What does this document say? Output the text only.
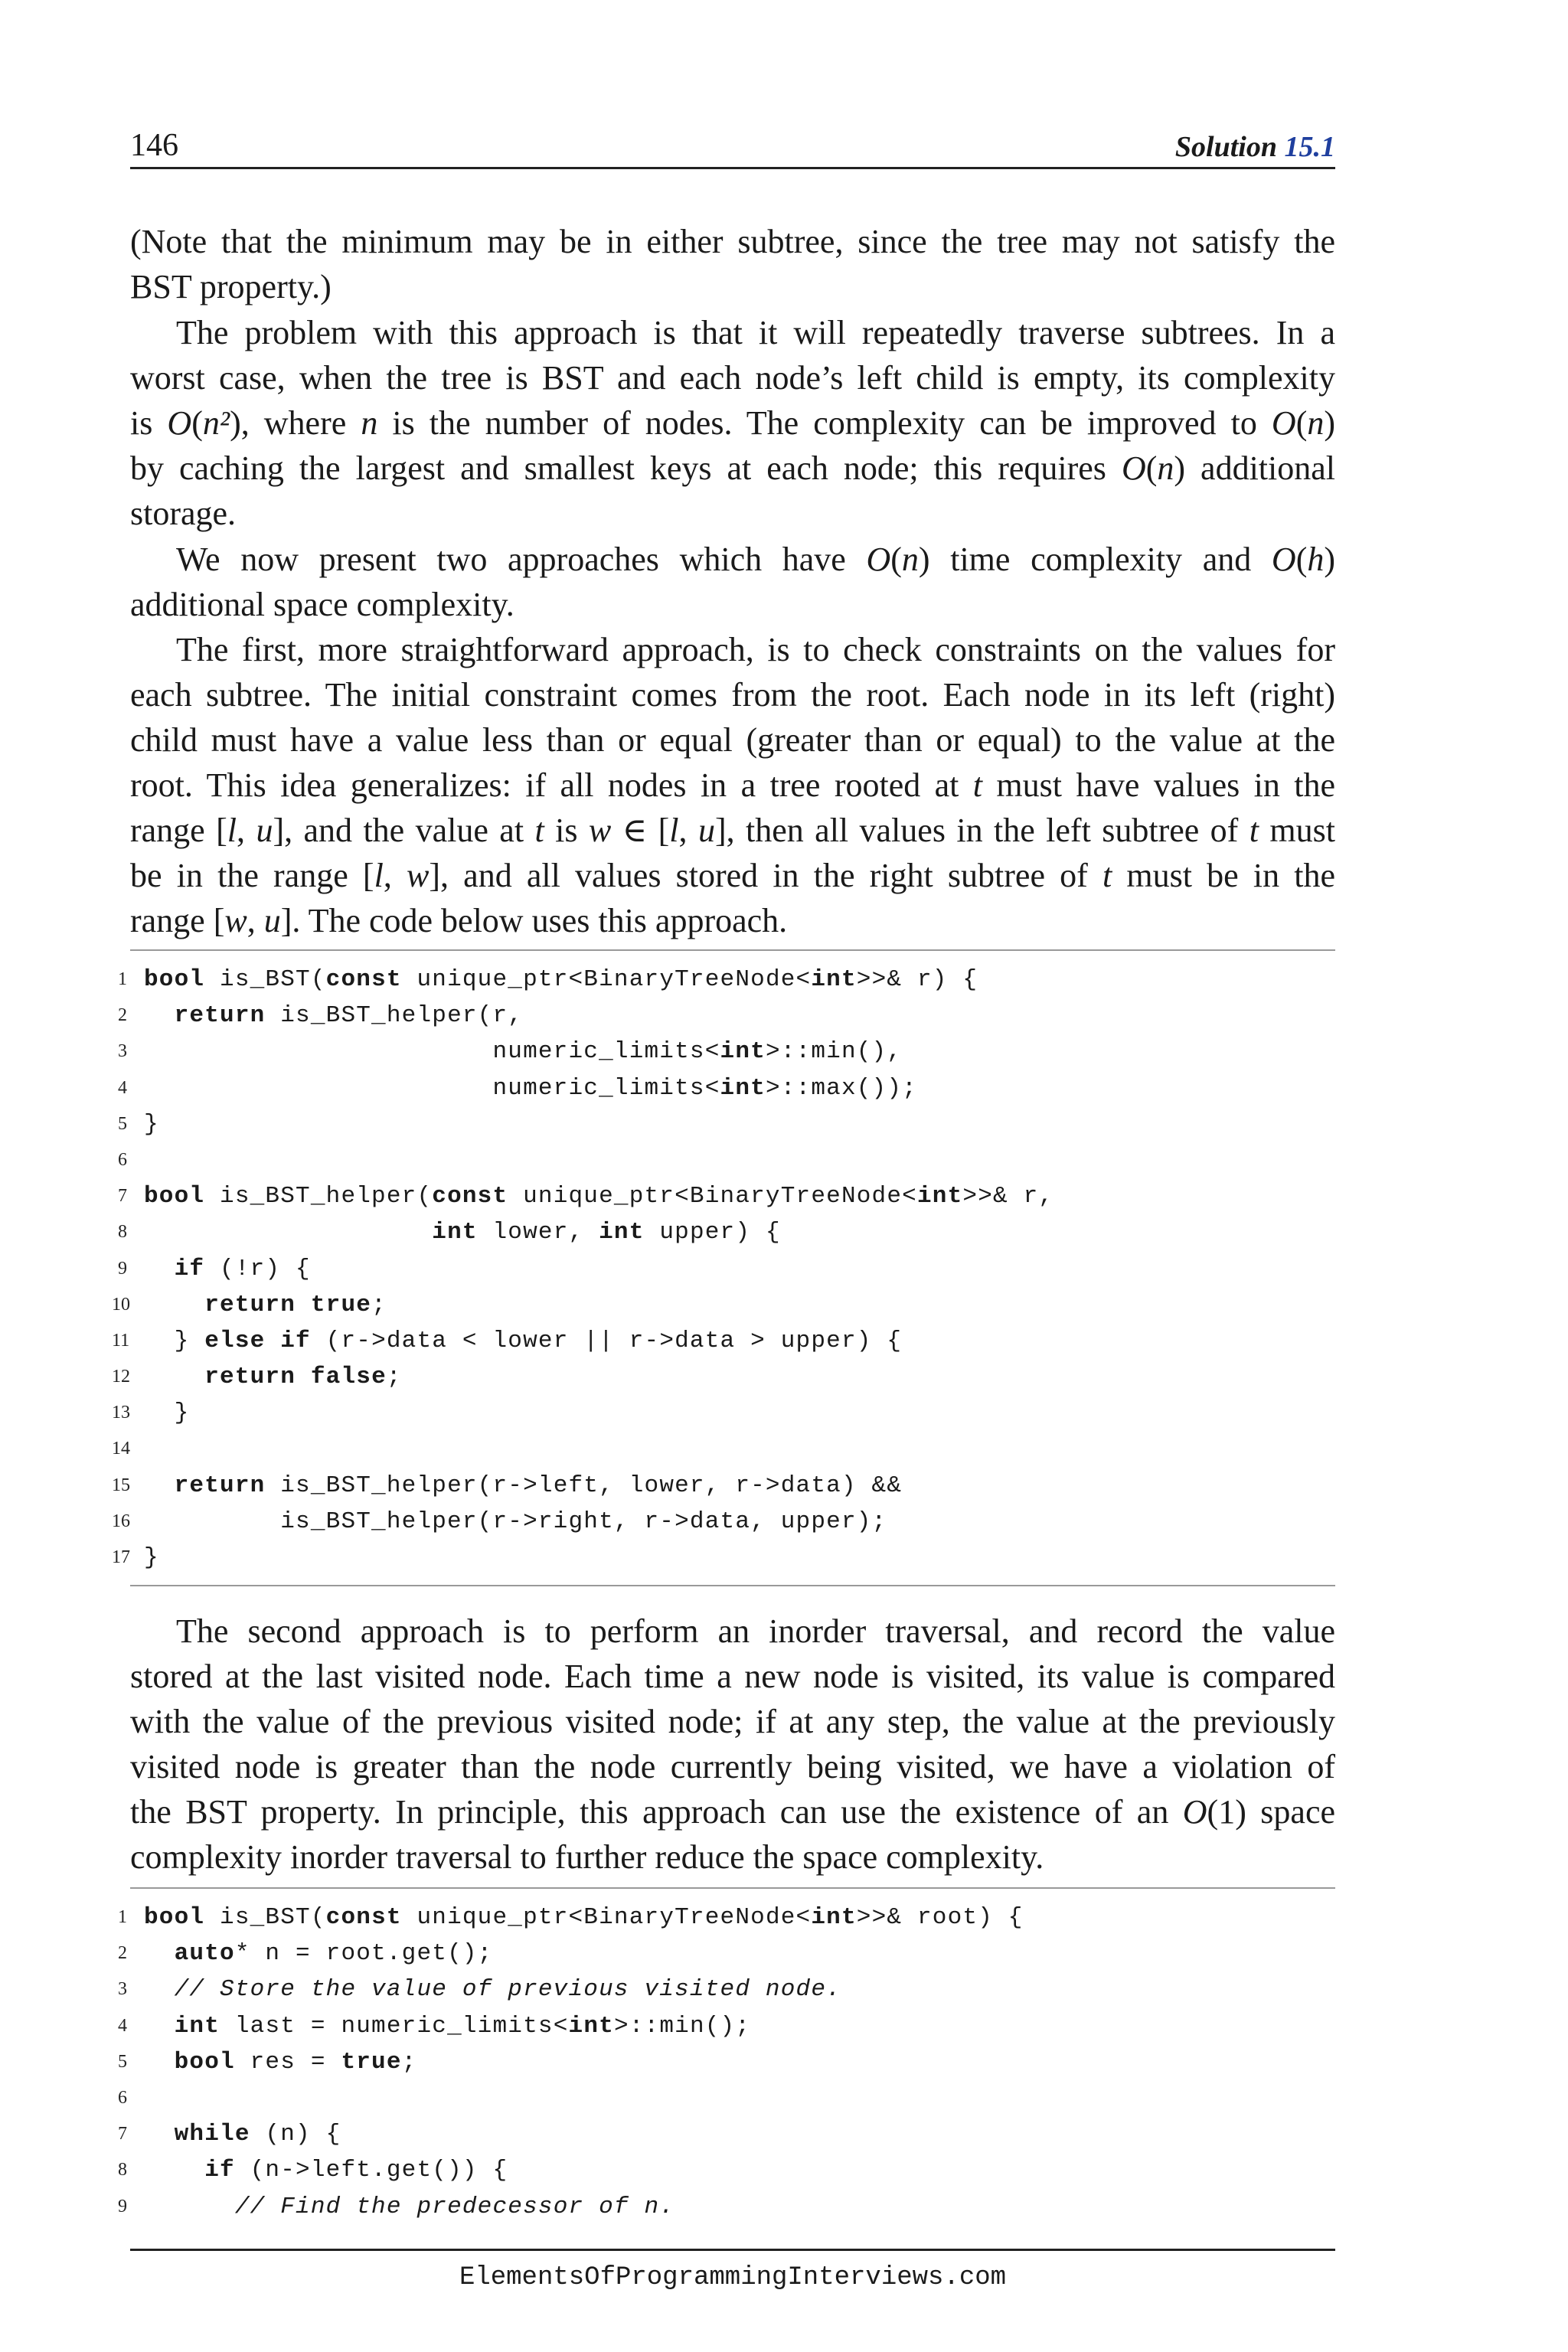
146	Solution 15.1
(Note that the minimum may be in either subtree, since the tree may not satisfy the
BST property.)
The problem with this approach is that it will repeatedly traverse subtrees. In a
worst case, when the tree is BST and each node’s left child is empty, its complexity
is O(n²), where n is the number of nodes. The complexity can be improved to O(n)
by caching the largest and smallest keys at each node; this requires O(n) additional
storage.
We now present two approaches which have O(n) time complexity and O(h)
additional space complexity.
The first, more straightforward approach, is to check constraints on the values for
each subtree. The initial constraint comes from the root. Each node in its left (right)
child must have a value less than or equal (greater than or equal) to the value at the
root. This idea generalizes: if all nodes in a tree rooted at t must have values in the
range [l, u], and the value at t is w ∈ [l, u], then all values in the left subtree of t must
be in the range [l, w], and all values stored in the right subtree of t must be in the
range [w, u]. The code below uses this approach.
1 bool is_BST(const unique_ptr<BinaryTreeNode<int>>& r) {
2	return is_BST_helper(r,
3 numeric_limits<int>::min(),
4 numeric_limits<int>::max());
5 }
6
7 bool is_BST_helper(const unique_ptr<BinaryTreeNode<int>>& r,
8	int lower, int upper) {
9	if (!r) {
10	return true;
11 } else if (r->data < lower || r->data > upper) {
12	return false;
13 }
14
15	return is_BST_helper(r->left, lower, r->data) &&
16 is_BST_helper(r->right, r->data, upper);
17 }
The second approach is to perform an inorder traversal, and record the value
stored at the last visited node. Each time a new node is visited, its value is compared
with the value of the previous visited node; if at any step, the value at the previously
visited node is greater than the node currently being visited, we have a violation of
the BST property. In principle, this approach can use the existence of an O(1) space
complexity inorder traversal to further reduce the space complexity.
1 bool is_BST(const unique_ptr<BinaryTreeNode<int>>& root) {
2	auto* n = root.get();
3	// Store the value of previous visited node.
4	int last = numeric_limits<int>::min();
5	bool res = true;
6
7	while (n) {
8	if (n->left.get()) {
9	// Find the predecessor of n.
ElementsOfProgrammingInterviews.com
